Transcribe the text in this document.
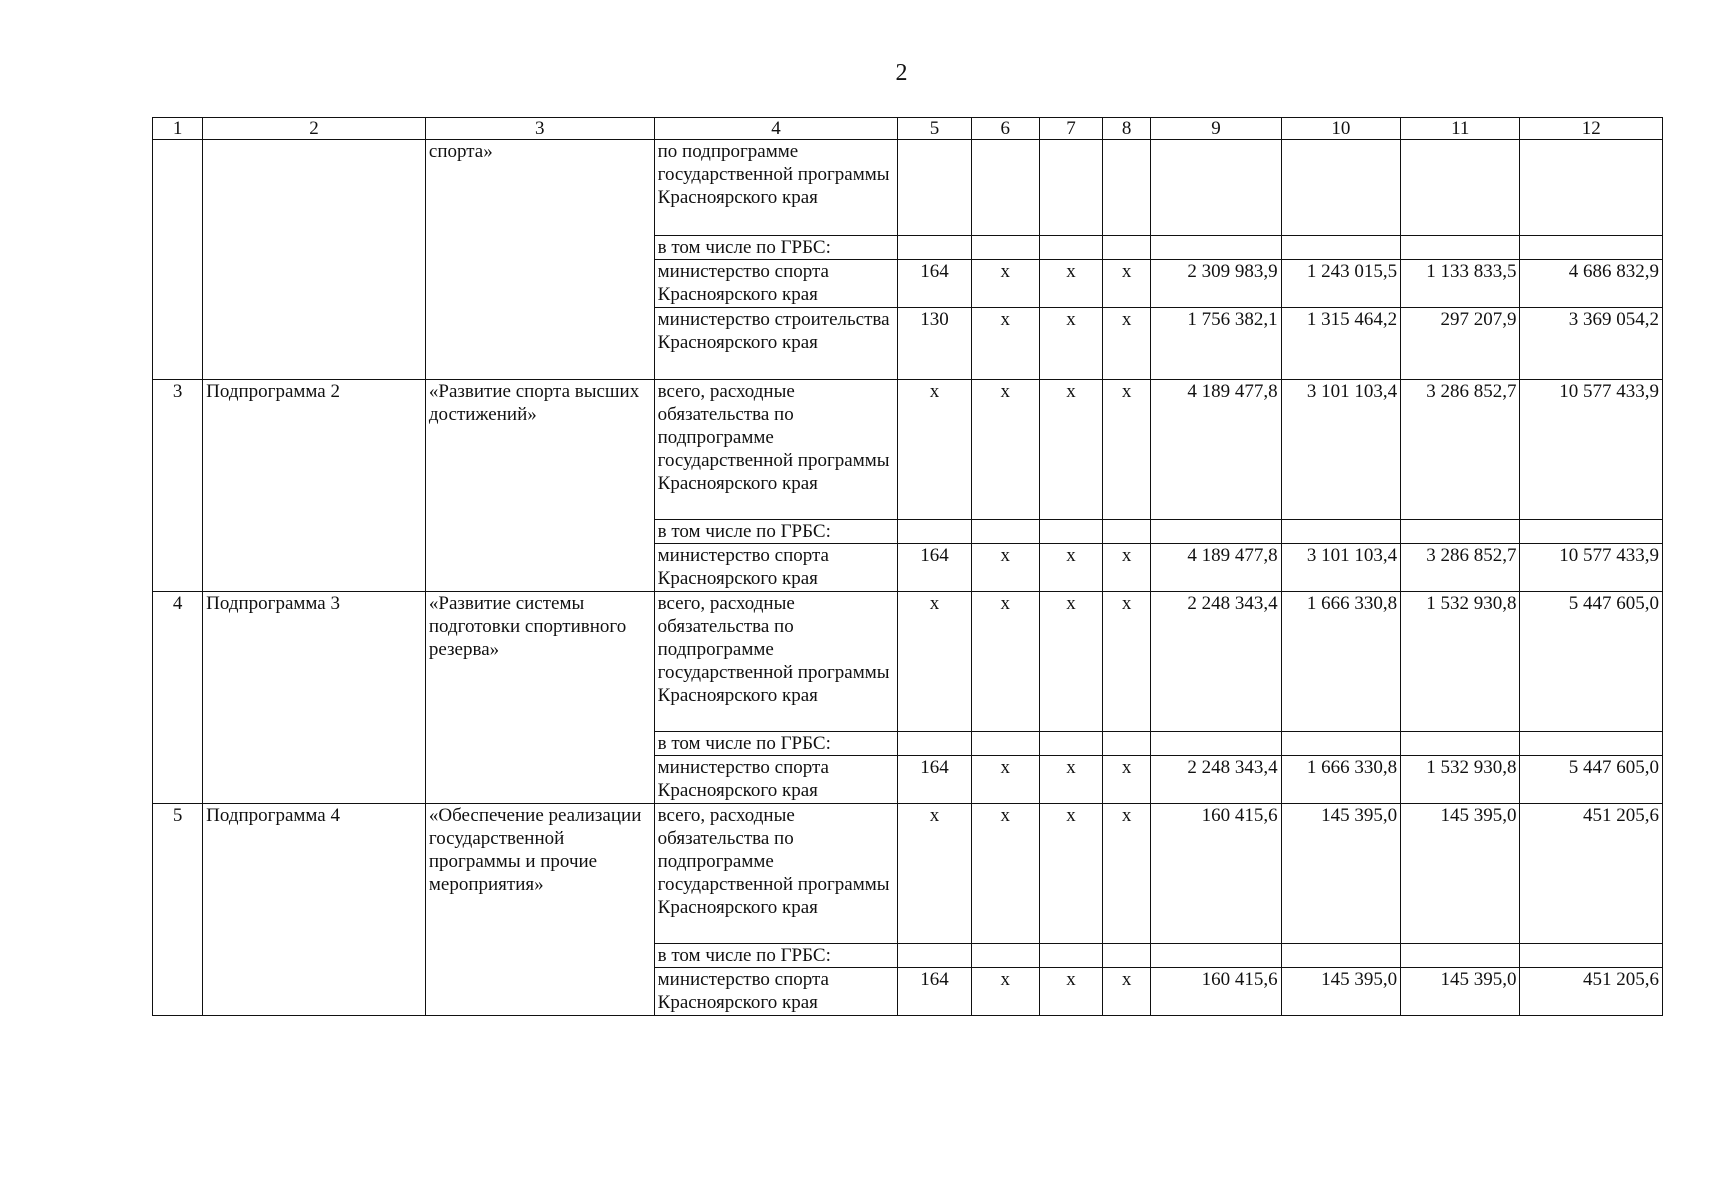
2
1	2	3	4	5	6	7	8	9	10	11	12
		спорта»	по подпрограмме государственной программы Красноярского края								
			в том числе по ГРБС:								
			министерство спорта Красноярского края	164	х	х	х	2 309 983,9	1 243 015,5	1 133 833,5	4 686 832,9
			министерство строительства Красноярского края	130	х	х	х	1 756 382,1	1 315 464,2	297 207,9	3 369 054,2
3	Подпрограмма 2	«Развитие спорта высших достижений»	всего, расходные обязательства по подпрограмме государственной программы Красноярского края	х	х	х	х	4 189 477,8	3 101 103,4	3 286 852,7	10 577 433,9
			в том числе по ГРБС:								
			министерство спорта Красноярского края	164	х	х	х	4 189 477,8	3 101 103,4	3 286 852,7	10 577 433,9
4	Подпрограмма 3	«Развитие системы подготовки спортивного резерва»	всего, расходные обязательства по подпрограмме государственной программы Красноярского края	х	х	х	х	2 248 343,4	1 666 330,8	1 532 930,8	5 447 605,0
			в том числе по ГРБС:								
			министерство спорта Красноярского края	164	х	х	х	2 248 343,4	1 666 330,8	1 532 930,8	5 447 605,0
5	Подпрограмма 4	«Обеспечение реализации государственной программы и прочие мероприятия»	всего, расходные обязательства по подпрограмме государственной программы Красноярского края	х	х	х	х	160 415,6	145 395,0	145 395,0	451 205,6
			в том числе по ГРБС:								
			министерство спорта Красноярского края	164	х	х	х	160 415,6	145 395,0	145 395,0	451 205,6
